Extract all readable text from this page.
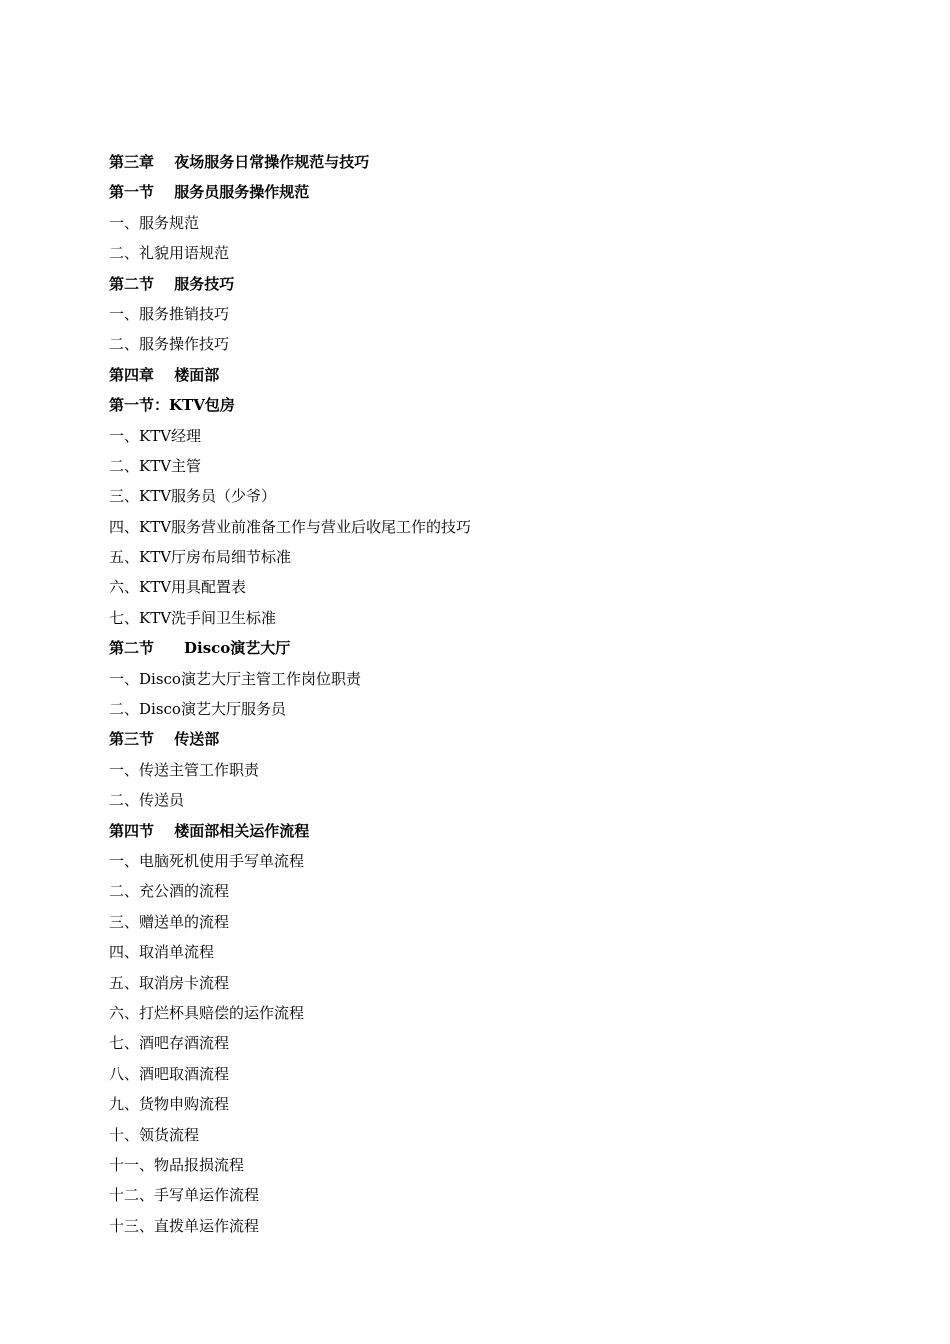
第三章　 夜场服务日常操作规范与技巧
第一节　 服务员服务操作规范
一、服务规范
二、礼貌用语规范
第二节　 服务技巧
一、服务推销技巧
二、服务操作技巧
第四章　 楼面部
第一节：KTV包房
一、KTV经理
二、KTV主管
三、KTV服务员（少爷）
四、KTV服务营业前准备工作与营业后收尾工作的技巧
五、KTV厅房布局细节标准
六、KTV用具配置表
七、KTV洗手间卫生标准
第二节　　Disco演艺大厅
一、Disco演艺大厅主管工作岗位职责
二、Disco演艺大厅服务员
第三节　 传送部
一、传送主管工作职责
二、传送员
第四节　 楼面部相关运作流程
一、电脑死机使用手写单流程
二、充公酒的流程
三、赠送单的流程
四、取消单流程
五、取消房卡流程
六、打烂杯具赔偿的运作流程
七、酒吧存酒流程
八、酒吧取酒流程
九、货物申购流程
十、领货流程
十一、物品报损流程
十二、手写单运作流程
十三、直拨单运作流程
